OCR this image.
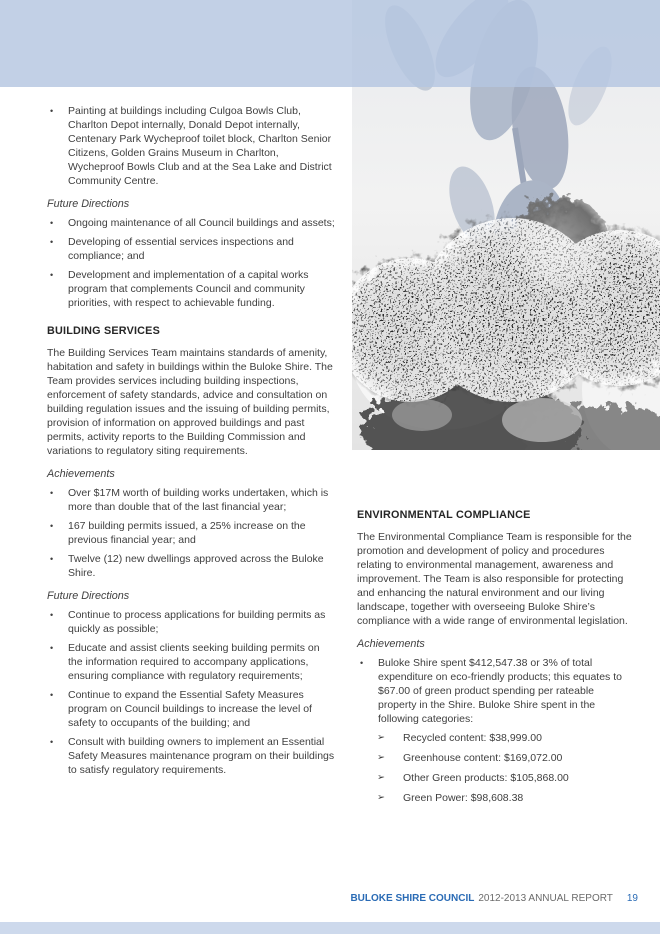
•	Painting at buildings including Culgoa Bowls Club, Charlton Depot internally, Donald Depot internally, Centenary Park Wycheproof toilet block, Charlton Senior Citizens, Golden Grains Museum in Charlton, Wycheproof Bowls Club and at the Sea Lake and District Community Centre.
Future Directions
•	Ongoing maintenance of all Council buildings and assets;
•	Developing of essential services inspections and compliance; and
•	Development and implementation of a capital works program that complements Council and community priorities, with respect to achievable funding.
BUILDING SERVICES

The Building Services Team maintains standards of amenity, habitation and safety in buildings within the Buloke Shire. The Team provides services including building inspections, enforcement of safety standards, advice and consultation on building regulation issues and the issuing of building permits, provision of information on approved buildings and past permits, activity reports to the Building Commission and variations to regulatory siting requirements.

Achievements
•	Over $17M worth of building works undertaken, which is more than double that of the last financial year;
•	167 building permits issued, a 25% increase on the previous financial year; and
•	Twelve (12) new dwellings approved across the Buloke Shire.
Future Directions
•	Continue to process applications for building permits as quickly as possible;
•	Educate and assist clients seeking building permits on the information required to accompany applications, ensuring compliance with regulatory requirements;
•	Continue to expand the Essential Safety Measures program on Council buildings to increase the level of safety to occupants of the building; and
•	Consult with building owners to implement an Essential Safety Measures maintenance program on their buildings to satisfy regulatory requirements.
ENVIRONMENTAL COMPLIANCE

The Environmental Compliance Team is responsible for the promotion and development of policy and procedures relating to environmental management, awareness and improvement. The Team is also responsible for protecting and enhancing the natural environment and our living landscape, together with overseeing Buloke Shire’s compliance with a wide range of environmental legislation.

Achievements
•	Buloke Shire spent $412,547.38 or 3% of total expenditure on eco-friendly products; this equates to $67.00 of green product spending per rateable property in the Shire. Buloke Shire spent in the following categories:
➢	Recycled content: $38,999.00
➢	Greenhouse content: $169,072.00
➢	Other Green products: $105,868.00
➢	Green Power: $98,608.38
BULOKE SHIRE COUNCIL 2012-2013 ANNUAL REPORT 19
